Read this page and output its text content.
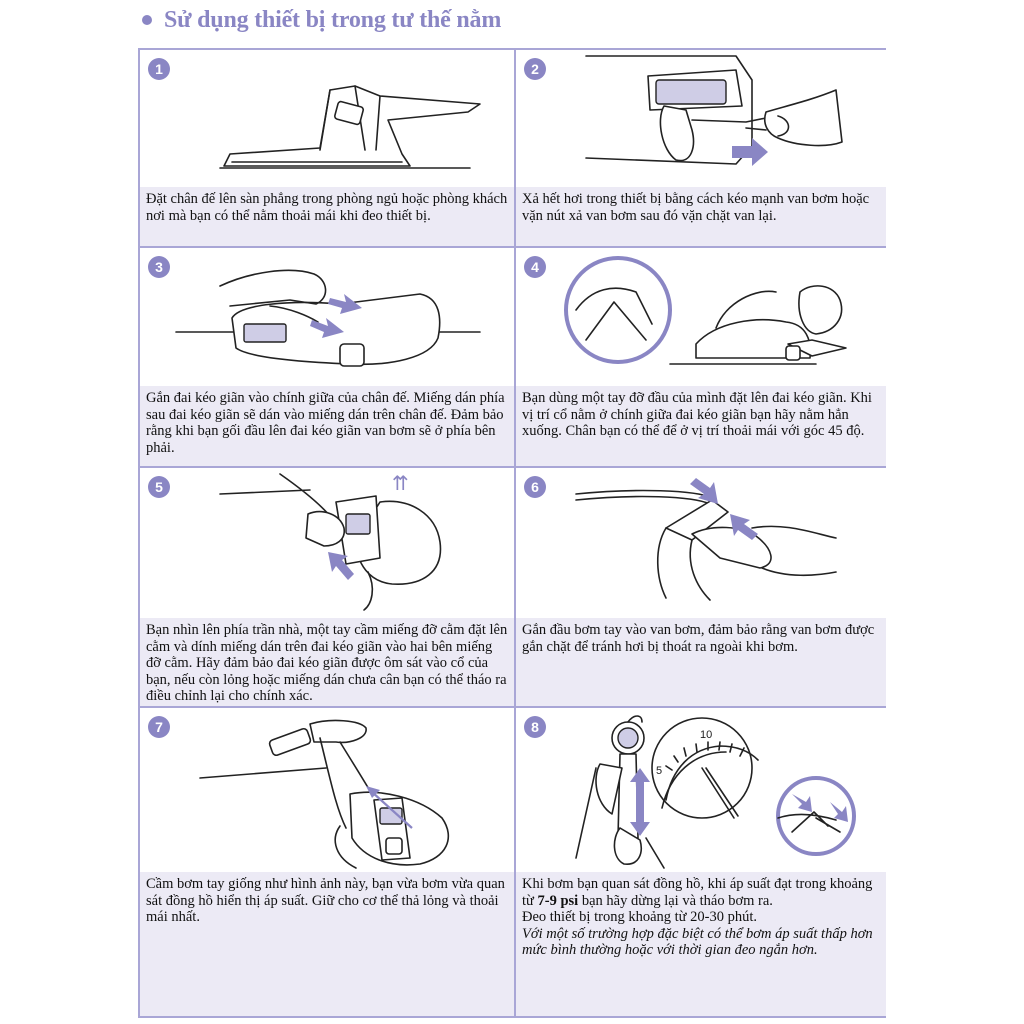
Sử dụng thiết bị trong tư thế nằm
1
Đặt chân đế lên sàn phẳng trong phòng ngủ hoặc phòng khách nơi mà bạn có thể nằm thoải mái khi đeo thiết bị.
2
Xả hết hơi trong thiết bị bằng cách kéo mạnh van bơm hoặc vặn nút xả van bơm sau đó vặn chặt van lại.
3
Gắn đai kéo giãn vào chính giữa của chân đế. Miếng dán phía sau đai kéo giãn sẽ dán vào miếng dán trên chân đế. Đảm bảo rằng khi bạn gối đầu lên đai kéo giãn van bơm sẽ ở phía bên phải.
4
Bạn dùng một tay đỡ đầu của mình đặt lên đai kéo giãn. Khi vị trí cổ nằm ở chính giữa đai kéo giãn bạn hãy nằm hẳn xuống. Chân bạn có thể để ở vị trí thoải mái với góc 45 độ.
⇈
5
Bạn nhìn lên phía trần nhà, một tay cầm miếng đỡ cằm đặt lên cằm và dính miếng dán trên đai kéo giãn vào hai bên miếng đỡ cằm. Hãy đảm bảo đai kéo giãn được ôm sát vào cổ của bạn, nếu còn lỏng hoặc miếng dán chưa cân bạn có thể tháo ra điều chỉnh lại cho chính xác.
6
Gắn đầu bơm tay vào van bơm, đảm bảo rằng van bơm được gắn chặt để tránh hơi bị thoát ra ngoài khi bơm.
7
Cầm bơm tay giống như hình ảnh này, bạn vừa bơm vừa quan sát đồng hồ hiển thị áp suất. Giữ cho cơ thể thả lỏng và thoải mái nhất.
10
5
8
Khi bơm bạn quan sát đồng hồ, khi áp suất đạt trong khoảng từ 7-9 psi bạn hãy dừng lại và tháo bơm ra.
Đeo thiết bị trong khoảng từ 20-30 phút.
Với một số trường hợp đặc biệt có thể bơm áp suất thấp hơn mức bình thường hoặc với thời gian đeo ngắn hơn.
